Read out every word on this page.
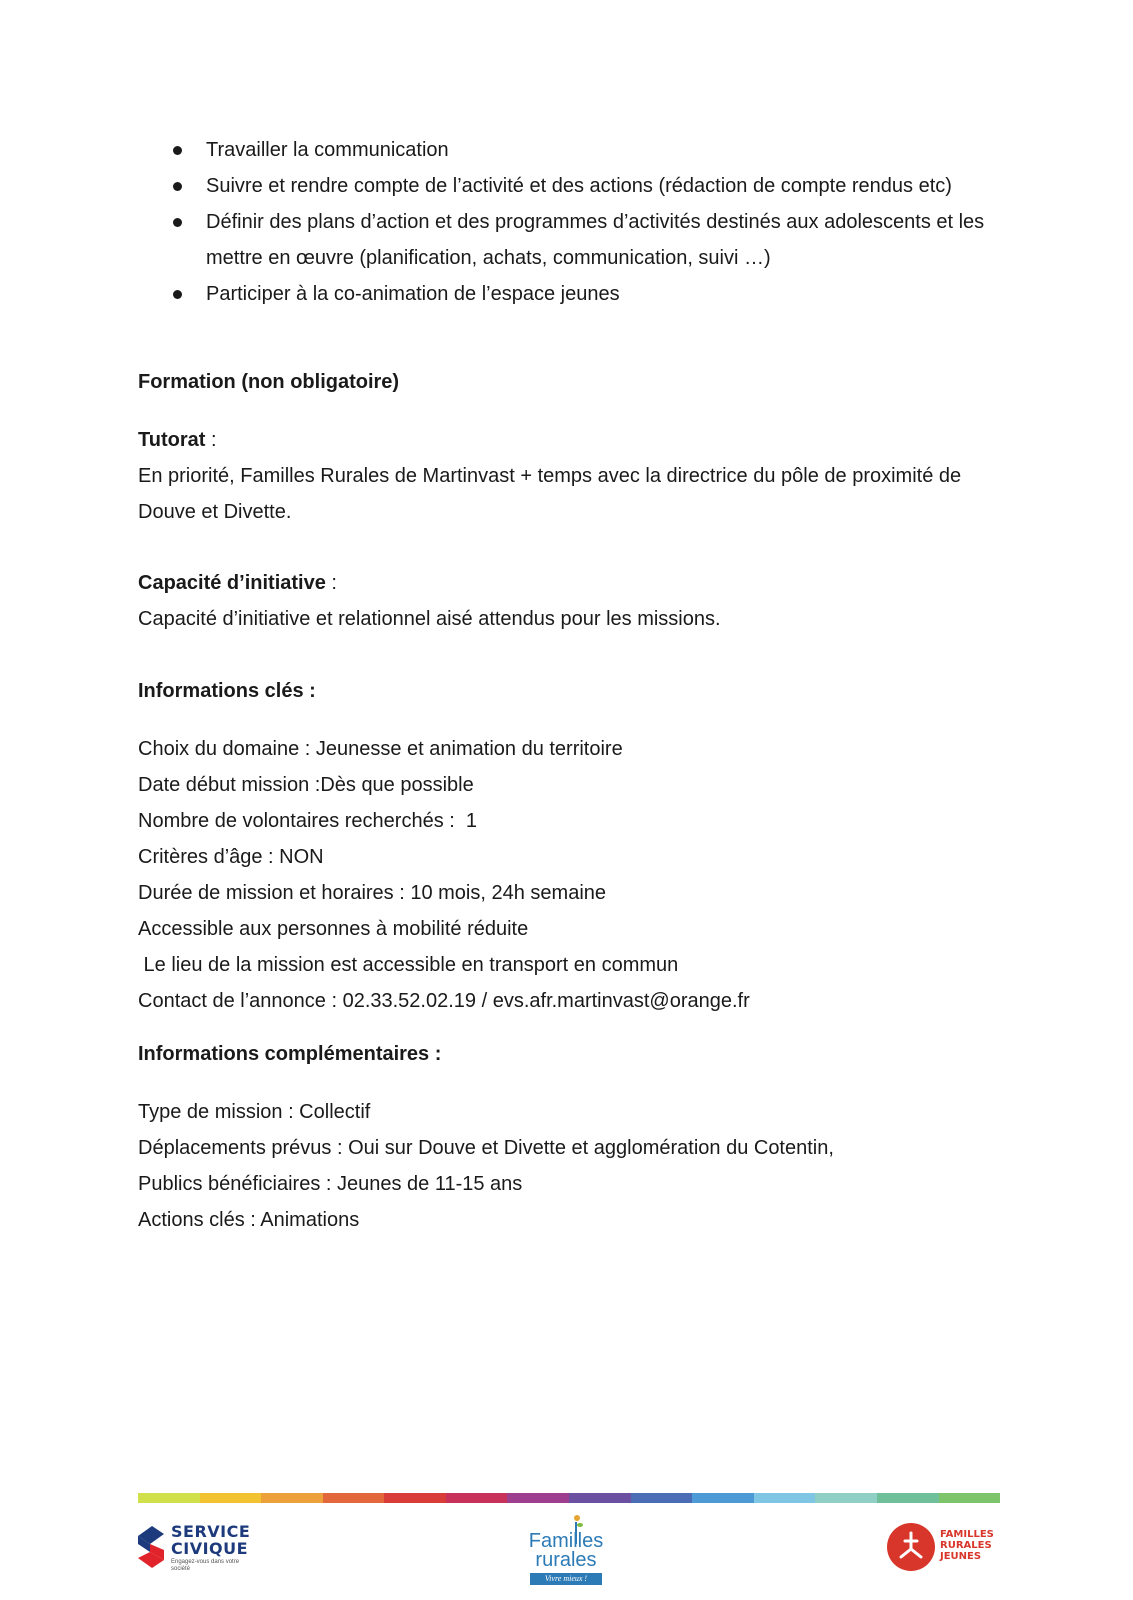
Travailler la communication
Suivre et rendre compte de l’activité et des actions (rédaction de compte rendus etc)
Définir des plans d’action et des programmes d’activités destinés aux adolescents et les mettre en œuvre (planification, achats, communication, suivi …)
Participer à la co-animation de l’espace jeunes
Formation (non obligatoire)
Tutorat :
En priorité, Familles Rurales de Martinvast + temps avec la directrice du pôle de proximité de Douve et Divette.
Capacité d’initiative :
Capacité d’initiative et relationnel aisé attendus pour les missions.
Informations clés :
Choix du domaine : Jeunesse et animation du territoire
Date début mission :Dès que possible
Nombre de volontaires recherchés :  1
Critères d’âge : NON
Durée de mission et horaires : 10 mois, 24h semaine
Accessible aux personnes à mobilité réduite
Le lieu de la mission est accessible en transport en commun
Contact de l’annonce : 02.33.52.02.19 / evs.afr.martinvast@orange.fr
Informations complémentaires :
Type de mission : Collectif
Déplacements prévus : Oui sur Douve et Divette et agglomération du Cotentin,
Publics bénéficiaires : Jeunes de 11-15 ans
Actions clés : Animations
SERVICE
CIVIQUE
Engagez-vous dans votre société
Familles
rurales
Vivre mieux !
FAMILLES
RURALES
JEUNES
